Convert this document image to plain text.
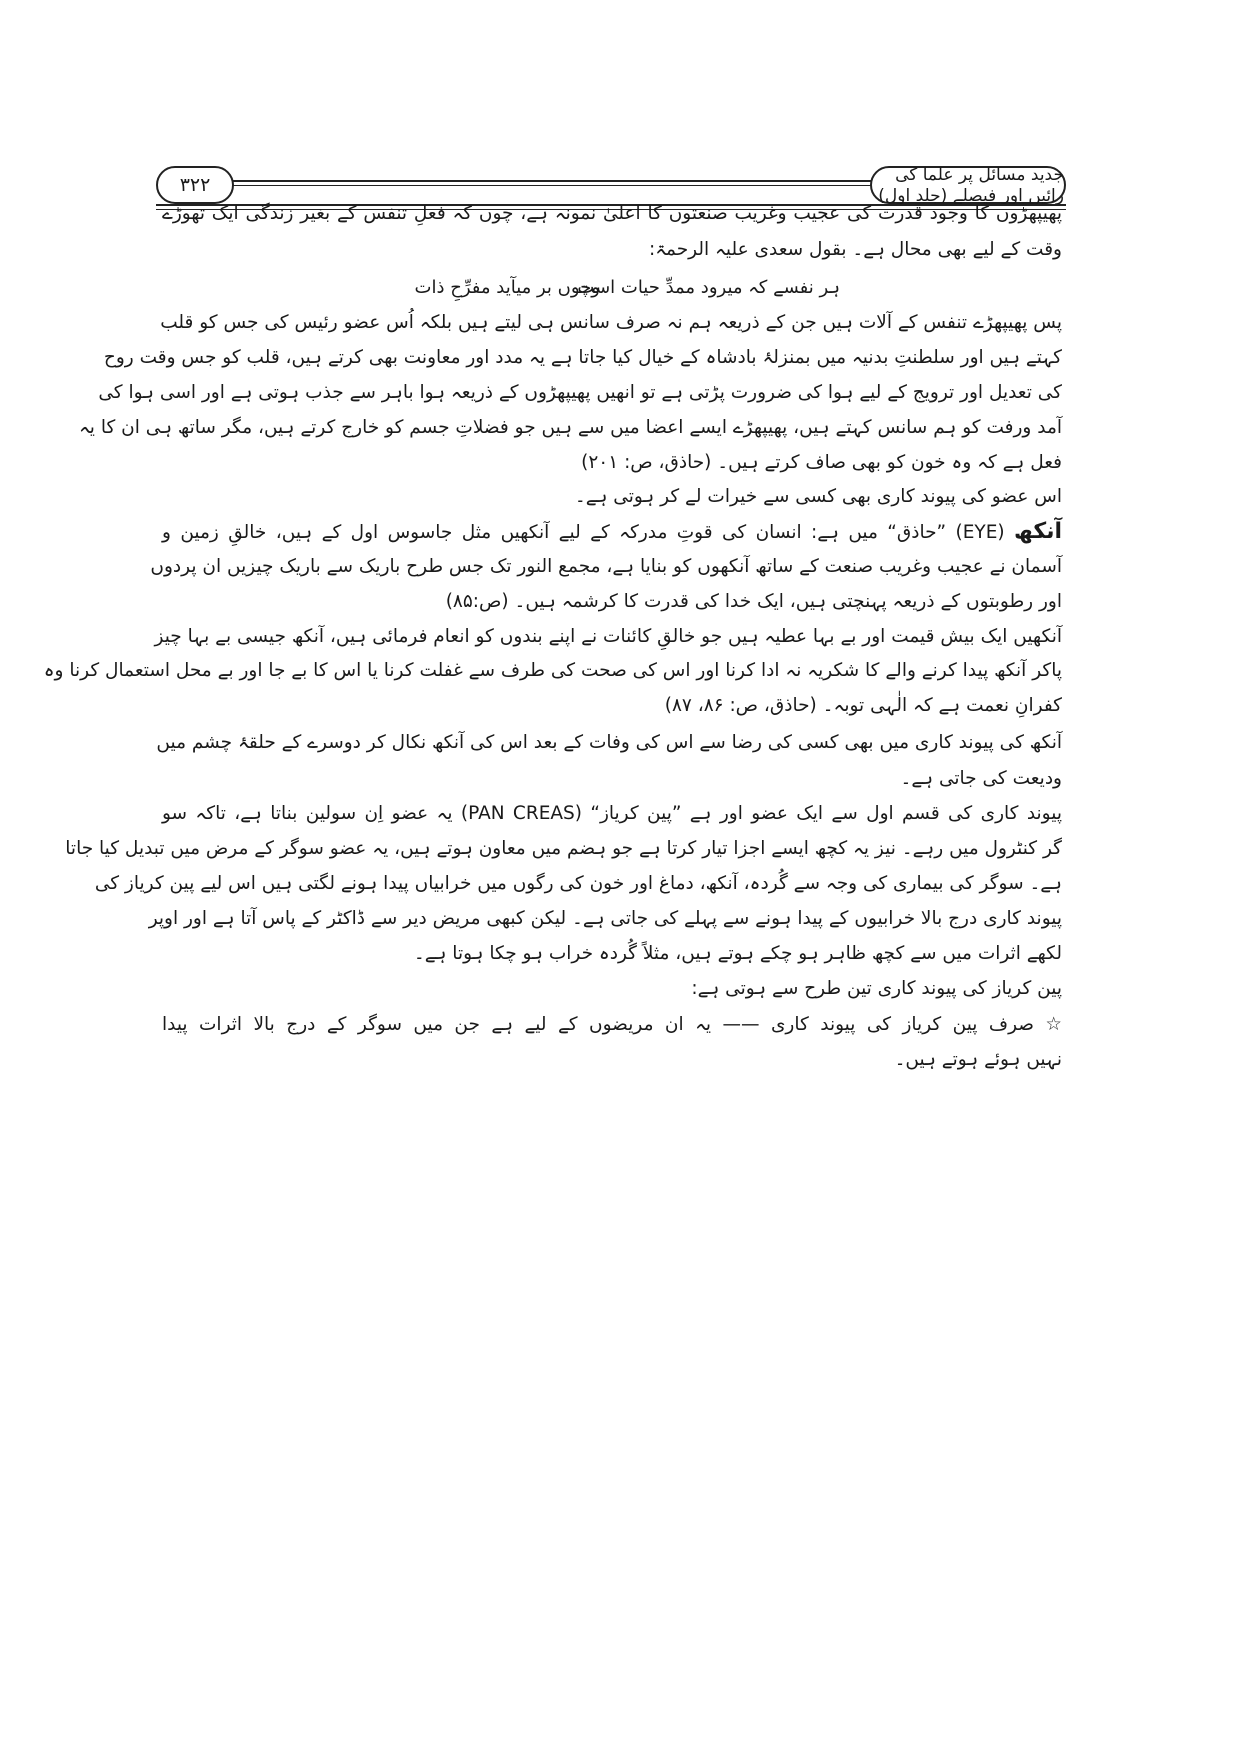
۳۲۲	جدید مسائل پر علما کی رائیں اور فیصلے (جلد اول)
ہر نفسے کہ میرود ممدِّ حیات است
وچوں بر میآید مفرِّحِ ذات
پھیپھڑوں کا وجود قدرت کی عجیب وغریب صنعتوں کا اعلیٰ نمونہ ہے، چوں کہ فعلِ تنفس کے بغیر زندگی ایک تھوڑے
وقت کے لیے بھی محال ہے۔ بقول سعدی علیہ الرحمۃ:
پس پھیپھڑے تنفس کے آلات ہیں جن کے ذریعہ ہم نہ صرف سانس ہی لیتے ہیں بلکہ اُس عضو رئیس کی جس کو قلب
کہتے ہیں اور سلطنتِ بدنیہ میں بمنزلۂ بادشاہ کے خیال کیا جاتا ہے یہ مدد اور معاونت بھی کرتے ہیں، قلب کو جس وقت روح
کی تعدیل اور ترویج کے لیے ہوا کی ضرورت پڑتی ہے تو انھیں پھیپھڑوں کے ذریعہ ہوا باہر سے جذب ہوتی ہے اور اسی ہوا کی
آمد ورفت کو ہم سانس کہتے ہیں، پھیپھڑے ایسے اعضا میں سے ہیں جو فضلاتِ جسم کو خارج کرتے ہیں، مگر ساتھ ہی ان کا یہ
فعل ہے کہ وہ خون کو بھی صاف کرتے ہیں۔ (حاذق، ص: ۲۰۱)
اس عضو کی پیوند کاری بھی کسی سے خیرات لے کر ہوتی ہے۔
آنکھ (EYE) ”حاذق“ میں ہے: انسان کی قوتِ مدرکہ کے لیے آنکھیں مثل جاسوس اول کے ہیں، خالقِ زمین و
آسمان نے عجیب وغریب صنعت کے ساتھ آنکھوں کو بنایا ہے، مجمع النور تک جس طرح باریک سے باریک چیزیں ان پردوں
اور رطوبتوں کے ذریعہ پہنچتی ہیں، ایک خدا کی قدرت کا کرشمہ ہیں۔ (ص:۸۵)
آنکھیں ایک بیش قیمت اور بے بہا عطیہ ہیں جو خالقِ کائنات نے اپنے بندوں کو انعام فرمائی ہیں، آنکھ جیسی بے بہا چیز
پاکر آنکھ پیدا کرنے والے کا شکریہ نہ ادا کرنا اور اس کی صحت کی طرف سے غفلت کرنا یا اس کا بے جا اور بے محل استعمال کرنا وہ
کفرانِ نعمت ہے کہ الٰہی توبہ۔ (حاذق، ص: ۸۶، ۸۷)
آنکھ کی پیوند کاری میں بھی کسی کی رضا سے اس کی وفات کے بعد اس کی آنکھ نکال کر دوسرے کے حلقۂ چشم میں
ودیعت کی جاتی ہے۔
پیوند کاری کی قسم اول سے ایک عضو اور ہے ”پین کریاز“ (PAN CREAS) یہ عضو اِن سولین بناتا ہے، تاکہ سو
گر کنٹرول میں رہے۔ نیز یہ کچھ ایسے اجزا تیار کرتا ہے جو ہضم میں معاون ہوتے ہیں، یہ عضو سوگر کے مرض میں تبدیل کیا جاتا
ہے۔ سوگر کی بیماری کی وجہ سے گُردہ، آنکھ، دماغ اور خون کی رگوں میں خرابیاں پیدا ہونے لگتی ہیں اس لیے پین کریاز کی
پیوند کاری درج بالا خرابیوں کے پیدا ہونے سے پہلے کی جاتی ہے۔ لیکن کبھی مریض دیر سے ڈاکٹر کے پاس آتا ہے اور اوپر
لکھے اثرات میں سے کچھ ظاہر ہو چکے ہوتے ہیں، مثلاً گُردہ خراب ہو چکا ہوتا ہے۔
پین کریاز کی پیوند کاری تین طرح سے ہوتی ہے:
☆ صرف پین کریاز کی پیوند کاری —— یہ ان مریضوں کے لیے ہے جن میں سوگر کے درج بالا اثرات پیدا
نہیں ہوئے ہوتے ہیں۔
